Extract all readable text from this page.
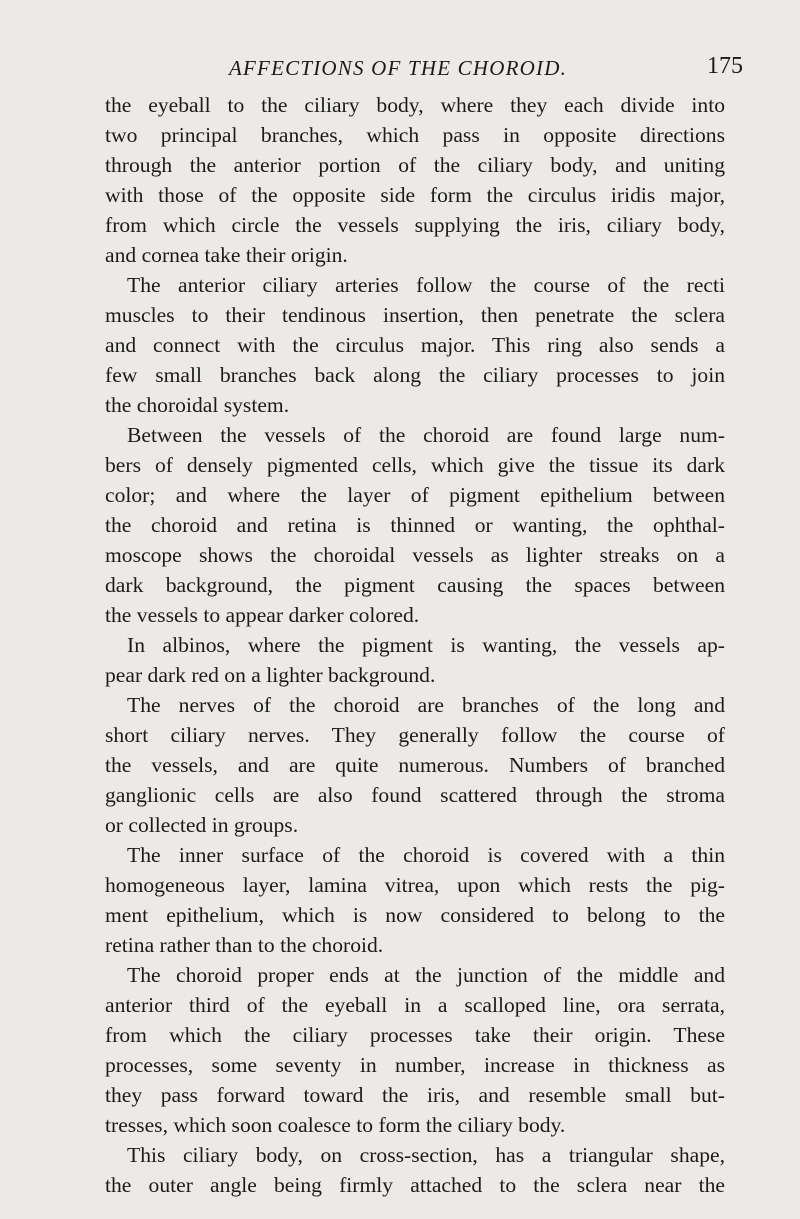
AFFECTIONS OF THE CHOROID.	175
the eyeball to the ciliary body, where they each divide into
two principal branches, which pass in opposite directions
through the anterior portion of the ciliary body, and uniting
with those of the opposite side form the circulus iridis major,
from which circle the vessels supplying the iris, ciliary body,
and cornea take their origin.
The anterior ciliary arteries follow the course of the recti
muscles to their tendinous insertion, then penetrate the sclera
and connect with the circulus major. This ring also sends a
few small branches back along the ciliary processes to join
the choroidal system.
Between the vessels of the choroid are found large num-
bers of densely pigmented cells, which give the tissue its dark
color; and where the layer of pigment epithelium between
the choroid and retina is thinned or wanting, the ophthal-
moscope shows the choroidal vessels as lighter streaks on a
dark background, the pigment causing the spaces between
the vessels to appear darker colored.
In albinos, where the pigment is wanting, the vessels ap-
pear dark red on a lighter background.
The nerves of the choroid are branches of the long and
short ciliary nerves. They generally follow the course of
the vessels, and are quite numerous. Numbers of branched
ganglionic cells are also found scattered through the stroma
or collected in groups.
The inner surface of the choroid is covered with a thin
homogeneous layer, lamina vitrea, upon which rests the pig-
ment epithelium, which is now considered to belong to the
retina rather than to the choroid.
The choroid proper ends at the junction of the middle and
anterior third of the eyeball in a scalloped line, ora serrata,
from which the ciliary processes take their origin. These
processes, some seventy in number, increase in thickness as
they pass forward toward the iris, and resemble small but-
tresses, which soon coalesce to form the ciliary body.
This ciliary body, on cross-section, has a triangular shape,
the outer angle being firmly attached to the sclera near the
